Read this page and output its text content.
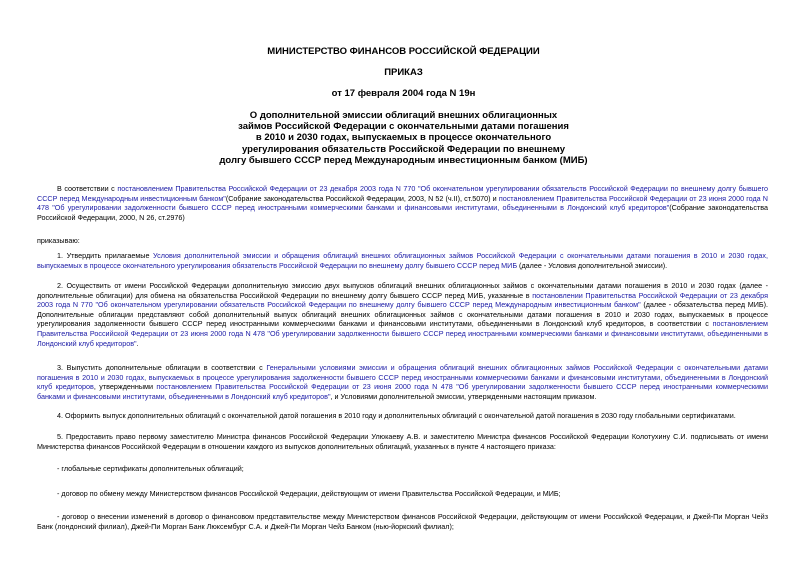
МИНИСТЕРСТВО ФИНАНСОВ РОССИЙСКОЙ ФЕДЕРАЦИИ
ПРИКАЗ
от 17 февраля 2004 года N 19н
О дополнительной эмиссии облигаций внешних облигационных
займов Российской Федерации с окончательными датами погашения
в 2010 и 2030 годах, выпускаемых в процессе окончательного
урегулирования обязательств Российской Федерации по внешнему
долгу бывшего СССР перед Международным инвестиционным банком (МИБ)
В соответствии с постановлением Правительства Российской Федерации от 23 декабря 2003 года N 770 "Об окончательном урегулировании обязательств Российской Федерации по внешнему долгу бывшего СССР перед Международным инвестиционным банком"(Собрание законодательства Российской Федерации, 2003, N 52 (ч.II), ст.5070) и постановлением Правительства Российской Федерации от 23 июня 2000 года N 478 "Об урегулировании задолженности бывшего СССР перед иностранными коммерческими банками и финансовыми институтами, объединенными в Лондонский клуб кредиторов"(Собрание законодательства Российской Федерации, 2000, N 26, ст.2976)
приказываю:
1. Утвердить прилагаемые Условия дополнительной эмиссии и обращения облигаций внешних облигационных займов Российской Федерации с окончательными датами погашения в 2010 и 2030 годах, выпускаемых в процессе окончательного урегулирования обязательств Российской Федерации по внешнему долгу бывшего СССР перед МИБ (далее - Условия дополнительной эмиссии).
2. Осуществить от имени Российской Федерации дополнительную эмиссию двух выпусков облигаций внешних облигационных займов с окончательными датами погашения в 2010 и 2030 годах (далее - дополнительные облигации) для обмена на обязательства Российской Федерации по внешнему долгу бывшего СССР перед МИБ, указанные в постановлении Правительства Российской Федерации от 23 декабря 2003 года N 770 "Об окончательном урегулировании обязательств Российской Федерации по внешнему долгу бывшего СССР перед Международным инвестиционным банком" (далее - обязательства перед МИБ). Дополнительные облигации представляют собой дополнительный выпуск облигаций внешних облигационных займов с окончательными датами погашения в 2010 и 2030 годах, выпускаемых в процессе урегулирования задолженности бывшего СССР перед иностранными коммерческими банками и финансовыми институтами, объединенными в Лондонский клуб кредиторов, в соответствии с постановлением Правительства Российской Федерации от 23 июня 2000 года N 478 "Об урегулировании задолженности бывшего СССР перед иностранными коммерческими банками и финансовыми институтами, объединенными в Лондонский клуб кредиторов".
3. Выпустить дополнительные облигации в соответствии с Генеральными условиями эмиссии и обращения облигаций внешних облигационных займов Российской Федерации с окончательными датами погашения в 2010 и 2030 годах, выпускаемых в процессе урегулирования задолженности бывшего СССР перед иностранными коммерческими банками и финансовыми институтами, объединенными в Лондонский клуб кредиторов, утвержденными постановлением Правительства Российской Федерации от 23 июня 2000 года N 478 "Об урегулировании задолженности бывшего СССР перед иностранными коммерческими банками и финансовыми институтами, объединенными в Лондонский клуб кредиторов", и Условиями дополнительной эмиссии, утвержденными настоящим приказом.
4. Оформить выпуск дополнительных облигаций с окончательной датой погашения в 2010 году и дополнительных облигаций с окончательной датой погашения в 2030 году глобальными сертификатами.
5. Предоставить право первому заместителю Министра финансов Российской Федерации Улюкаеву А.В. и заместителю Министра финансов Российской Федерации Колотухину С.И. подписывать от имени Министерства финансов Российской Федерации в отношении каждого из выпусков дополнительных облигаций, указанных в пункте 4 настоящего приказа:
- глобальные сертификаты дополнительных облигаций;
- договор по обмену между Министерством финансов Российской Федерации, действующим от имени Правительства Российской Федерации, и МИБ;
- договор о внесении изменений в договор о финансовом представительстве между Министерством финансов Российской Федерации, действующим от имени Российской Федерации, и Джей-Пи Морган Чейз Банк (лондонский филиал), Джей-Пи Морган Банк Люксембург С.А. и Джей-Пи Морган Чейз Банком (нью-йоркский филиал);
